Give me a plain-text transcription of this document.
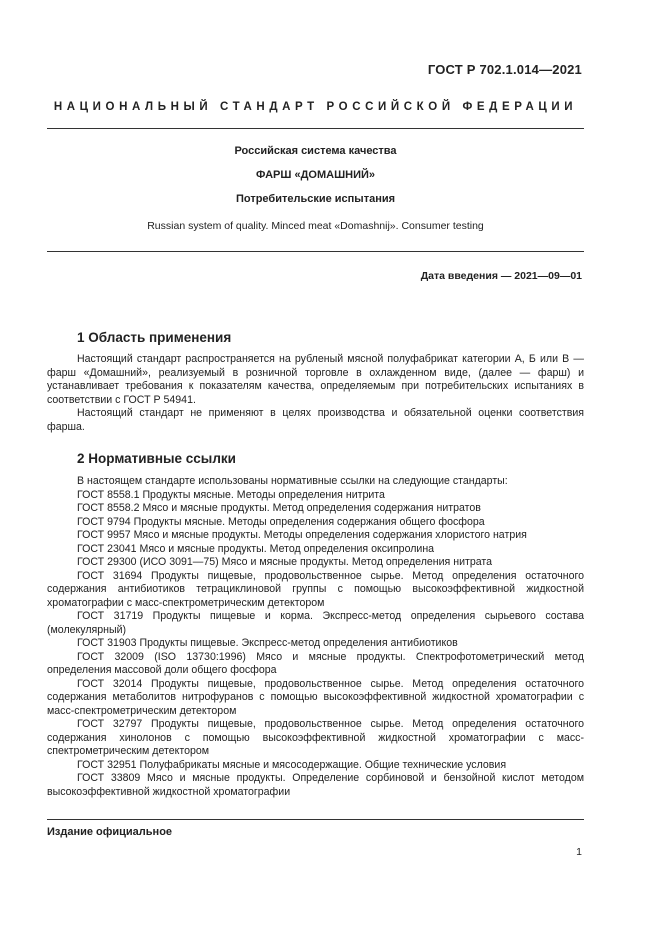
ГОСТ Р 702.1.014—2021
НАЦИОНАЛЬНЫЙ СТАНДАРТ РОССИЙСКОЙ ФЕДЕРАЦИИ
Российская система качества
ФАРШ «ДОМАШНИЙ»
Потребительские испытания
Russian system of quality. Minced meat «Domashnij». Consumer testing
Дата введения — 2021—09—01
1 Область применения

Настоящий стандарт распространяется на рубленый мясной полуфабрикат категории А, Б или В — фарш «Домашний», реализуемый в розничной торговле в охлажденном виде, (далее — фарш) и устанавливает требования к показателям качества, определяемым при потребительских испытаниях в соответствии с ГОСТ Р 54941.

Настоящий стандарт не применяют в целях производства и обязательной оценки соответствия фарша.

2 Нормативные ссылки

В настоящем стандарте использованы нормативные ссылки на следующие стандарты:

ГОСТ 8558.1 Продукты мясные. Методы определения нитрита

ГОСТ 8558.2 Мясо и мясные продукты. Метод определения содержания нитратов

ГОСТ 9794 Продукты мясные. Методы определения содержания общего фосфора

ГОСТ 9957 Мясо и мясные продукты. Методы определения содержания хлористого натрия

ГОСТ 23041 Мясо и мясные продукты. Метод определения оксипролина

ГОСТ 29300 (ИСО 3091—75) Мясо и мясные продукты. Метод определения нитрата

ГОСТ 31694 Продукты пищевые, продовольственное сырье. Метод определения остаточного содержания антибиотиков тетрациклиновой группы с помощью высокоэффективной жидкостной хроматографии с масс-спектрометрическим детектором

ГОСТ 31719 Продукты пищевые и корма. Экспресс-метод определения сырьевого состава (молекулярный)

ГОСТ 31903 Продукты пищевые. Экспресс-метод определения антибиотиков

ГОСТ 32009 (ISO 13730:1996) Мясо и мясные продукты. Спектрофотометрический метод определения массовой доли общего фосфора

ГОСТ 32014 Продукты пищевые, продовольственное сырье. Метод определения остаточного содержания метаболитов нитрофуранов с помощью высокоэффективной жидкостной хроматографии с масс-спектрометрическим детектором

ГОСТ 32797 Продукты пищевые, продовольственное сырье. Метод определения остаточного содержания хинолонов с помощью высокоэффективной жидкостной хроматографии с масс-спектрометрическим детектором

ГОСТ 32951 Полуфабрикаты мясные и мясосодержащие. Общие технические условия

ГОСТ 33809 Мясо и мясные продукты. Определение сорбиновой и бензойной кислот методом высокоэффективной жидкостной хроматографии

Издание официальное
1
